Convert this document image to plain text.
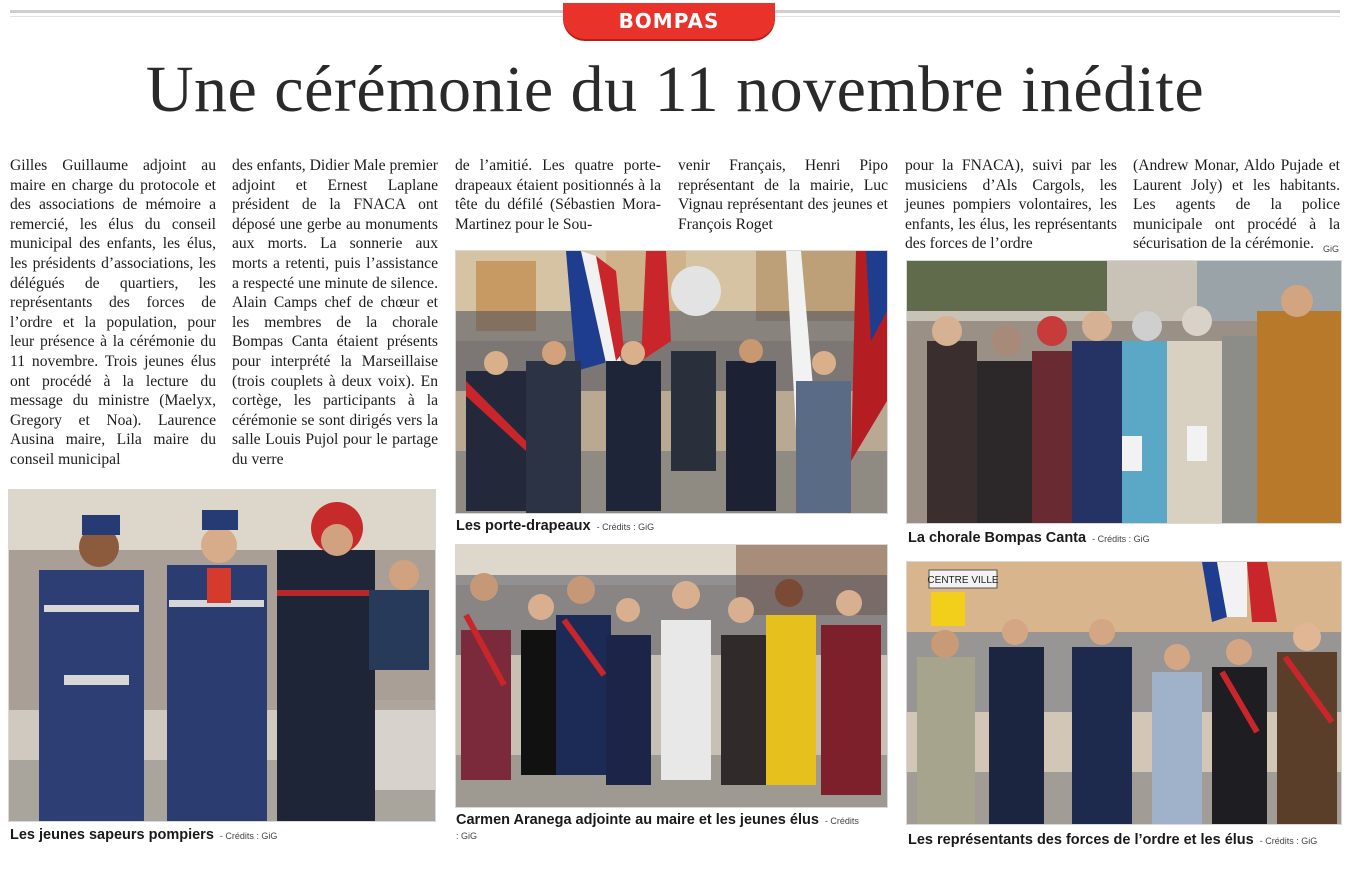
BOMPAS
Une cérémonie du 11 novembre inédite
Gilles Guillaume adjoint au maire en charge du protocole et des associations de mémoire a remercié, les élus du conseil municipal des enfants, les élus, les présidents d’associations, les délégués de quartiers, les représentants des forces de l’ordre et la population, pour leur présence à la cérémonie du 11 novembre. Trois jeunes élus ont procédé à la lecture du message du ministre (Maelyx, Gregory et Noa). Laurence Ausina maire, Lila maire du conseil municipal
des enfants, Didier Male premier adjoint et Ernest Laplane président de la FNACA ont déposé une gerbe au monuments aux morts. La sonnerie aux morts a retenti, puis l’assistance a respecté une minute de silence. Alain Camps chef de chœur et les membres de la chorale Bompas Canta étaient présents pour interprété la Marseillaise (trois couplets à deux voix). En cortège, les participants à la cérémonie se sont dirigés vers la salle Louis Pujol pour le partage du verre
de l’amitié. Les quatre porte-drapeaux étaient positionnés à la tête du défilé (Sébastien Mora-Martinez pour le Sou-
venir Français, Henri Pipo représentant de la mairie, Luc Vignau représentant des jeunes et François Roget
pour la FNACA), suivi par les musiciens d’Als Cargols, les jeunes pompiers volontaires, les enfants, les élus, les représentants des forces de l’ordre
(Andrew Monar, Aldo Pujade et Laurent Joly) et les habitants. Les agents de la police municipale ont procédé à la sécurisation de la cérémonie.	GiG
Les porte-drapeaux - Crédits : GiG
La chorale Bompas Canta - Crédits : GiG
Les jeunes sapeurs pompiers - Crédits : GiG
Carmen Aranega adjointe au maire et les jeunes élus - Crédits
: GiG
CENTRE VILLE
Les représentants des forces de l’ordre et les élus - Crédits : GiG
